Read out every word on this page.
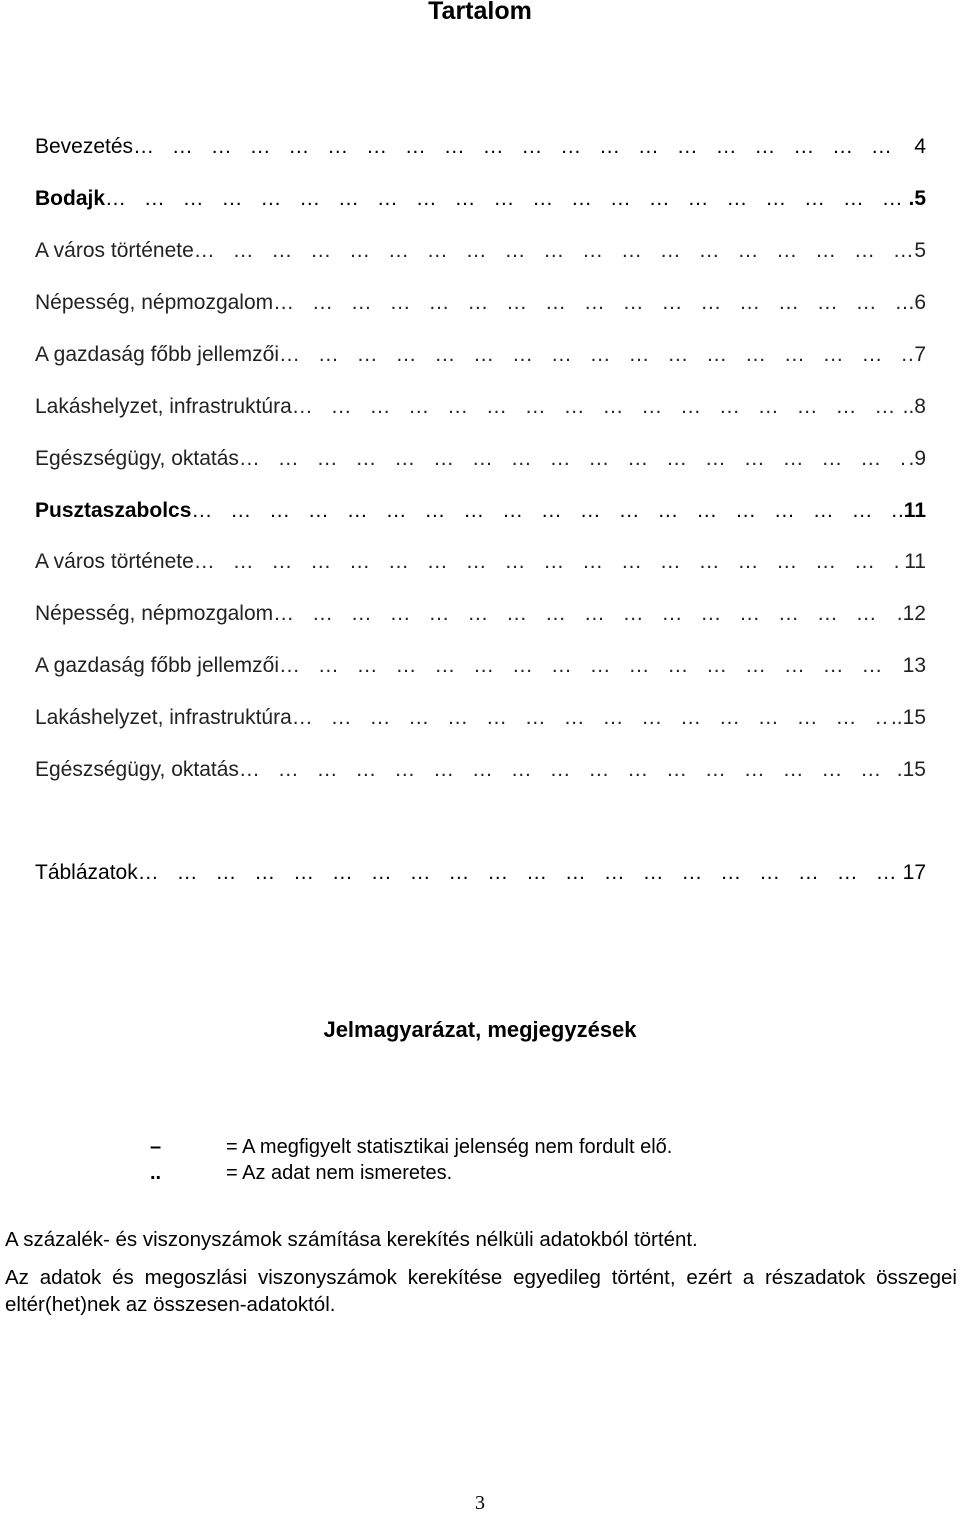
Tartalom
Bevezetés … … … … … … … … … … … … … … … … … … … … … … … … … … … … … … … … … … … … …	4
Bodajk … … … … … … … … … … … … … … … … … … … … … … … … … … … … … … … … … … … … …	.5
A város története … … … … … … … … … … … … … … … … … … … … … … … … … … … … … … … … … … … … …	5
Népesség, népmozgalom … … … … … … … … … … … … … … … … … … … … … … … … … … … … … … … … … … … … …	.6
A gazdaság főbb jellemzői … … … … … … … … … … … … … … … … … … … … … … … … … … … … … … … … … … … … …	7
Lakáshelyzet, infrastruktúra … … … … … … … … … … … … … … … … … … … … … … … … … … … … … … … … … … … … …	..8
Egészségügy, oktatás … … … … … … … … … … … … … … … … … … … … … … … … … … … … … … … … … … … … …	.9
Pusztaszabolcs … … … … … … … … … … … … … … … … … … … … … … … … … … … … … … … … … … … … …	11
A város története … … … … … … … … … … … … … … … … … … … … … … … … … … … … … … … … … … … … …	11
Népesség, népmozgalom … … … … … … … … … … … … … … … … … … … … … … … … … … … … … … … … … … … … …	.12
A gazdaság főbb jellemzői … … … … … … … … … … … … … … … … … … … … … … … … … … … … … … … … … … … … …	13
Lakáshelyzet, infrastruktúra … … … … … … … … … … … … … … … … … … … … … … … … … … … … … … … … … … … … …	..15
Egészségügy, oktatás … … … … … … … … … … … … … … … … … … … … … … … … … … … … … … … … … … … … …	.15
Táblázatok … … … … … … … … … … … … … … … … … … … … … … … … … … … … … … … … … … … … …	17
Jelmagyarázat, megjegyzések
–	= A megfigyelt statisztikai jelenség nem fordult elő.
..	= Az adat nem ismeretes.

A százalék- és viszonyszámok számítása kerekítés nélküli adatokból történt.

Az adatok és megoszlási viszonyszámok kerekítése egyedileg történt, ezért a részadatok összegei eltér(het)nek az összesen-adatoktól.

3
